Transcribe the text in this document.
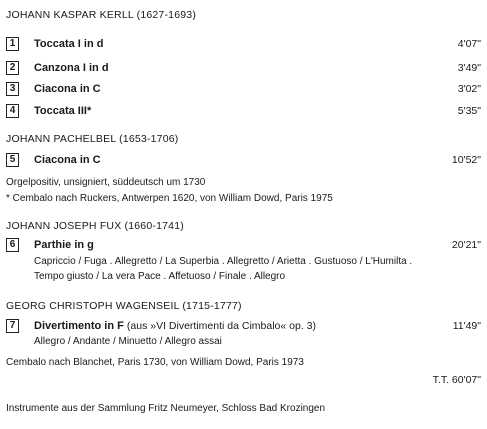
JOHANN KASPAR KERLL (1627-1693)
1	Toccata I in d	4'07"
2	Canzona I in d	3'49"
3	Ciacona in C	3'02"
4	Toccata III*	5'35"
JOHANN PACHELBEL (1653-1706)
5	Ciacona in C	10'52"
Orgelpositiv, unsigniert, süddeutsch um 1730
* Cembalo nach Ruckers, Antwerpen 1620, von William Dowd, Paris 1975
JOHANN JOSEPH FUX (1660-1741)
6	Parthie in g	20'21"
Capriccio / Fuga . Allegretto / La Superbia . Allegretto / Arietta . Gustuoso / L'Humilta .
Tempo giusto / La vera Pace . Affetuoso / Finale . Allegro
GEORG CHRISTOPH WAGENSEIL (1715-1777)
7	Divertimento in F (aus »VI Divertimenti da Cimbalo« op. 3)	11'49"
Allegro / Andante / Minuetto / Allegro assai
Cembalo nach Blanchet, Paris 1730, von William Dowd, Paris 1973
T.T. 60'07"
Instrumente aus der Sammlung Fritz Neumeyer, Schloss Bad Krozingen
